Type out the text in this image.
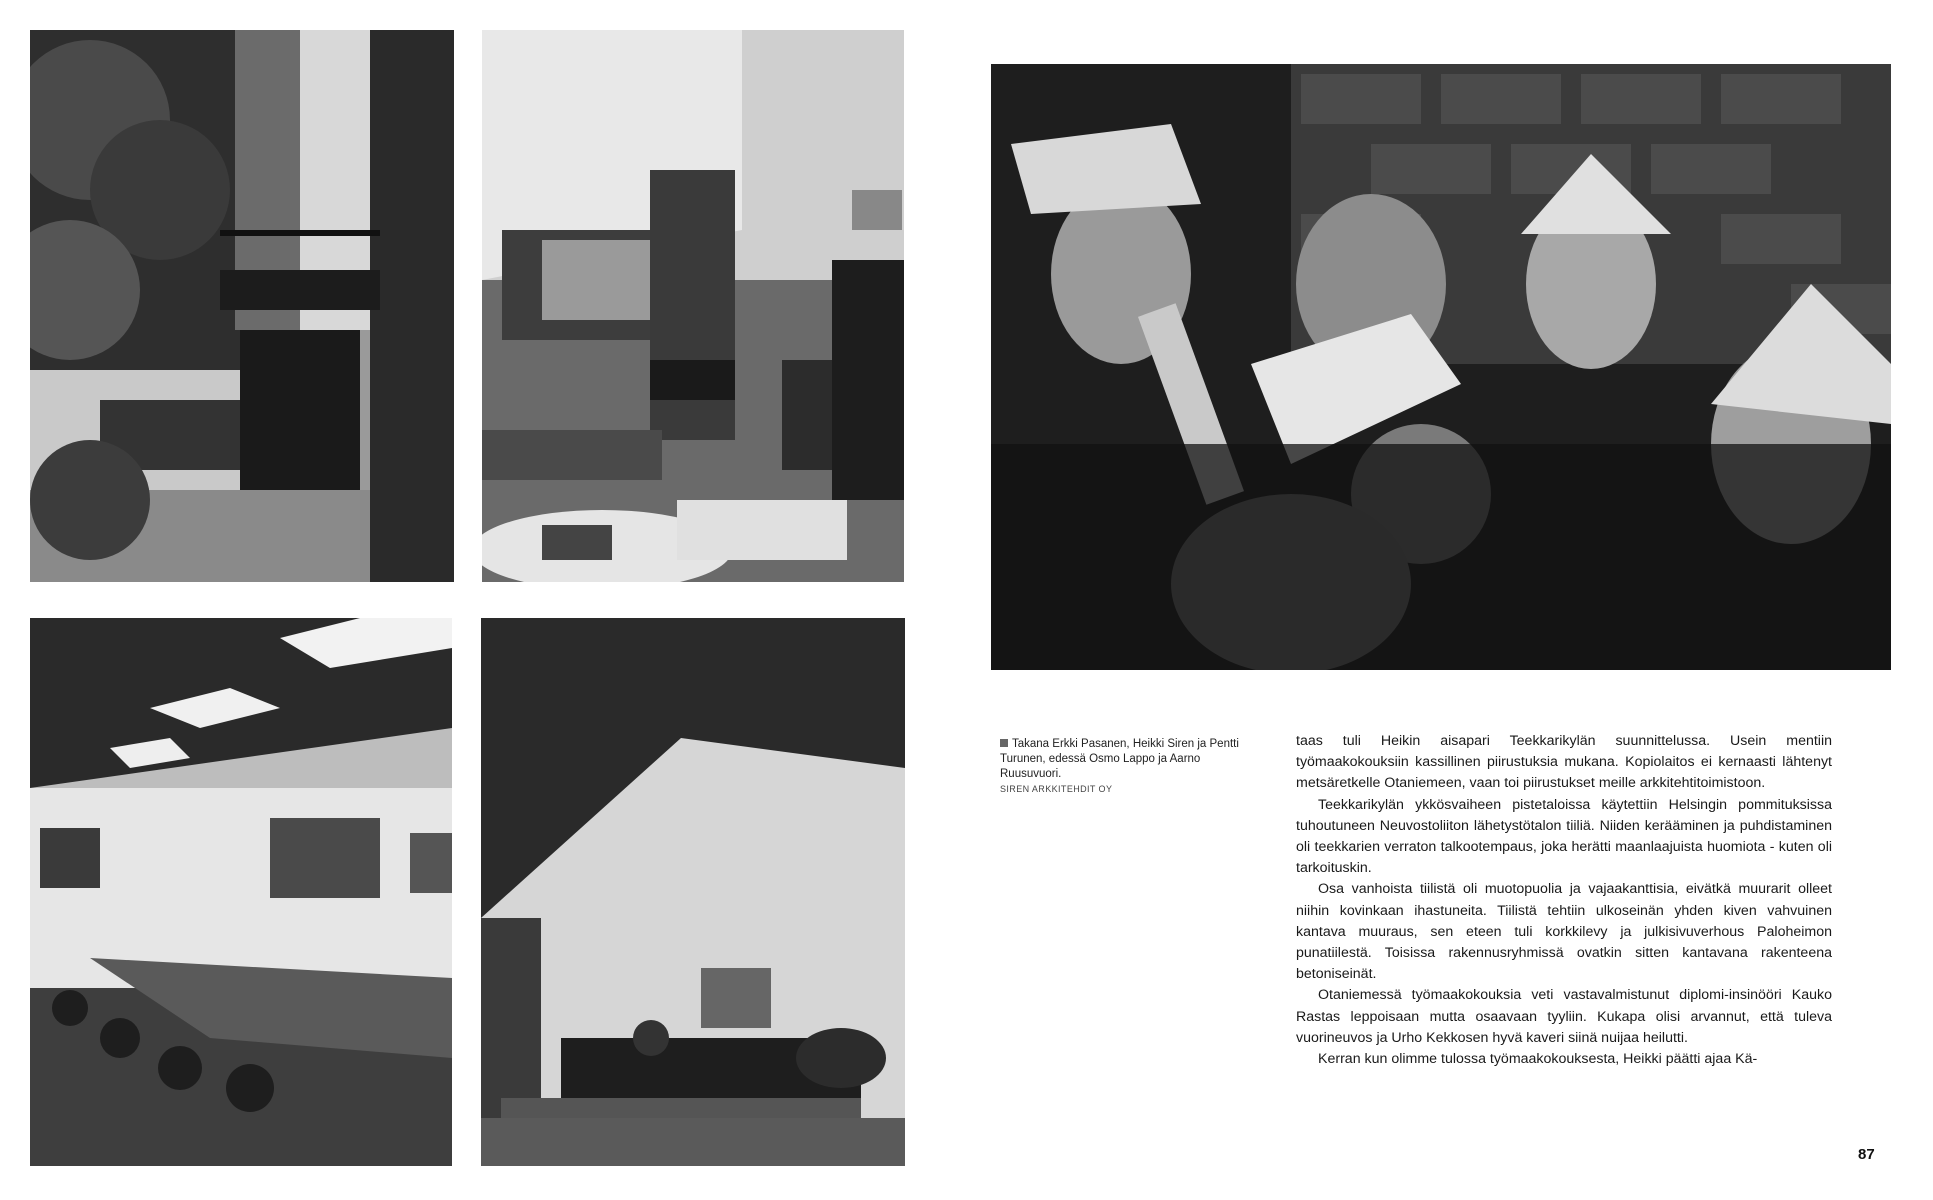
Takana Erkki Pasanen, Heikki Siren ja Pentti Turunen, edessä Osmo Lappo ja Aarno Ruusuvuori.
SIREN ARKKITEHDIT OY

taas tuli Heikin aisapari Teekkarikylän suunnittelussa. Usein mentiin työmaakokouksiin kassillinen piirustuksia mukana. Kopiolaitos ei kernaasti lähtenyt metsäretkelle Otaniemeen, vaan toi piirustukset meille arkkitehtitoimistoon.

Teekkarikylän ykkösvaiheen pistetaloissa käytettiin Helsingin pommituksissa tuhoutuneen Neuvostoliiton lähetystötalon tiiliä. Niiden kerääminen ja puhdistaminen oli teekkarien verraton talkootempaus, joka herätti maanlaajuista huomiota - kuten oli tarkoituskin.

Osa vanhoista tiilistä oli muotopuolia ja vajaakanttisia, eivätkä muurarit olleet niihin kovinkaan ihastuneita. Tiilistä tehtiin ulkoseinän yhden kiven vahvuinen kantava muuraus, sen eteen tuli korkkilevy ja julkisivuverhous Paloheimon punatiilestä. Toisissa rakennusryhmissä ovatkin sitten kantavana rakenteena betoniseinät.

Otaniemessä työmaakokouksia veti vastavalmistunut diplomi-insinööri Kauko Rastas leppoisaan mutta osaavaan tyyliin. Kukapa olisi arvannut, että tuleva vuorineuvos ja Urho Kekkosen hyvä kaveri siinä nuijaa heilutti.

Kerran kun olimme tulossa työmaakokouksesta, Heikki päätti ajaa Kä-

87
